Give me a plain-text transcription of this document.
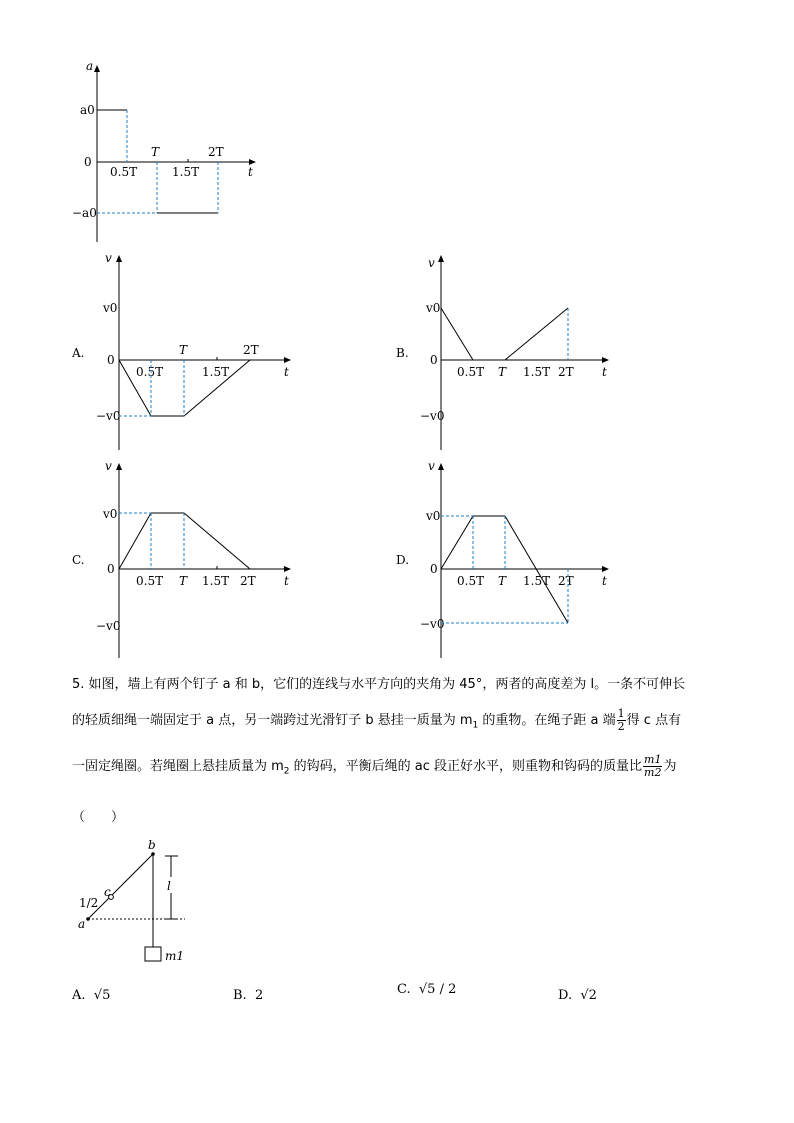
a
t
0
a0
−a0
0.5T	1.5T
T	2T
A.
v
t
0
v0
−v0
0.5T
T
1.5T
2T	B.
v
t
0
v0
−v0
0.5T T 1.5T 2T
C.
v
t
0
v0
−v0
0.5T T 1.5T 2T
D.
v
t
0
v0
−v0
0.5T T 1.5T 2T
5. 如图，墙上有两个钉子 a 和 b，它们的连线与水平方向的夹角为 45°，两者的高度差为 l。一条不可伸长
的轻质细绳一端固定于 a 点，另一端跨过光滑钉子 b 悬挂一质量为 $m_1$ 的重物。在绳子距 a 端 $\frac{1}{2}$ 得 c 点有
一固定绳圈。若绳圈上悬挂质量为 $m_2$ 的钩码，平衡后绳的 ac 段正好水平，则重物和钩码的质量比 $\frac{m1}{m2}$ 为
（　　）
b
c
a
1/2
l
m1
A. √5	B. 2	C. √5 / 2	D. √2
